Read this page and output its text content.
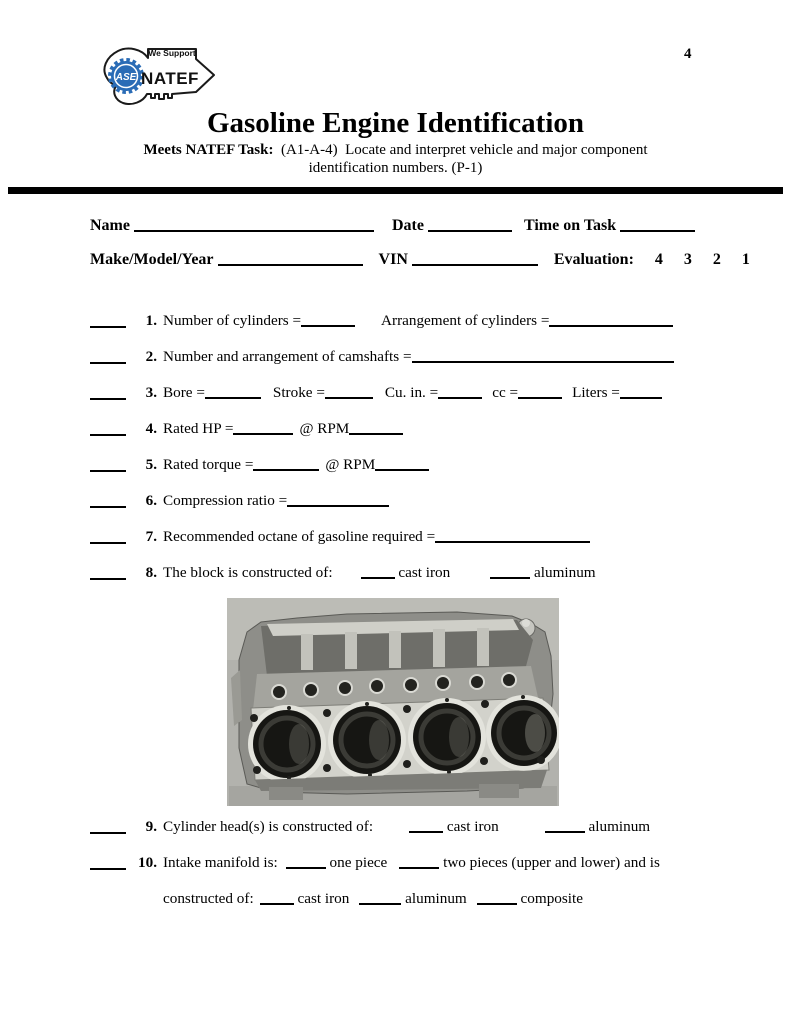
ASE
We Support
NATEF
4
Gasoline Engine Identification
Meets NATEF Task:  (A1-A-4)  Locate and interpret vehicle and major component
identification numbers. (P-1)
Name	Date	Time on Task
Make/Model/Year	VIN	Evaluation: 4 3 2 1
1. Number of cylinders =	Arrangement of cylinders =
2. Number and arrangement of camshafts =
3. Bore =	Stroke =	Cu. in. =	cc =	Liters =
4. Rated HP =	@ RPM
5. Rated torque =	@ RPM
6. Compression ratio =
7. Recommended octane of gasoline required =
8. The block is constructed of:	cast iron	aluminum
9. Cylinder head(s) is constructed of:	cast iron	aluminum
10. Intake manifold is:	one piece	two pieces (upper and lower) and is
constructed of:	cast iron	aluminum	composite
